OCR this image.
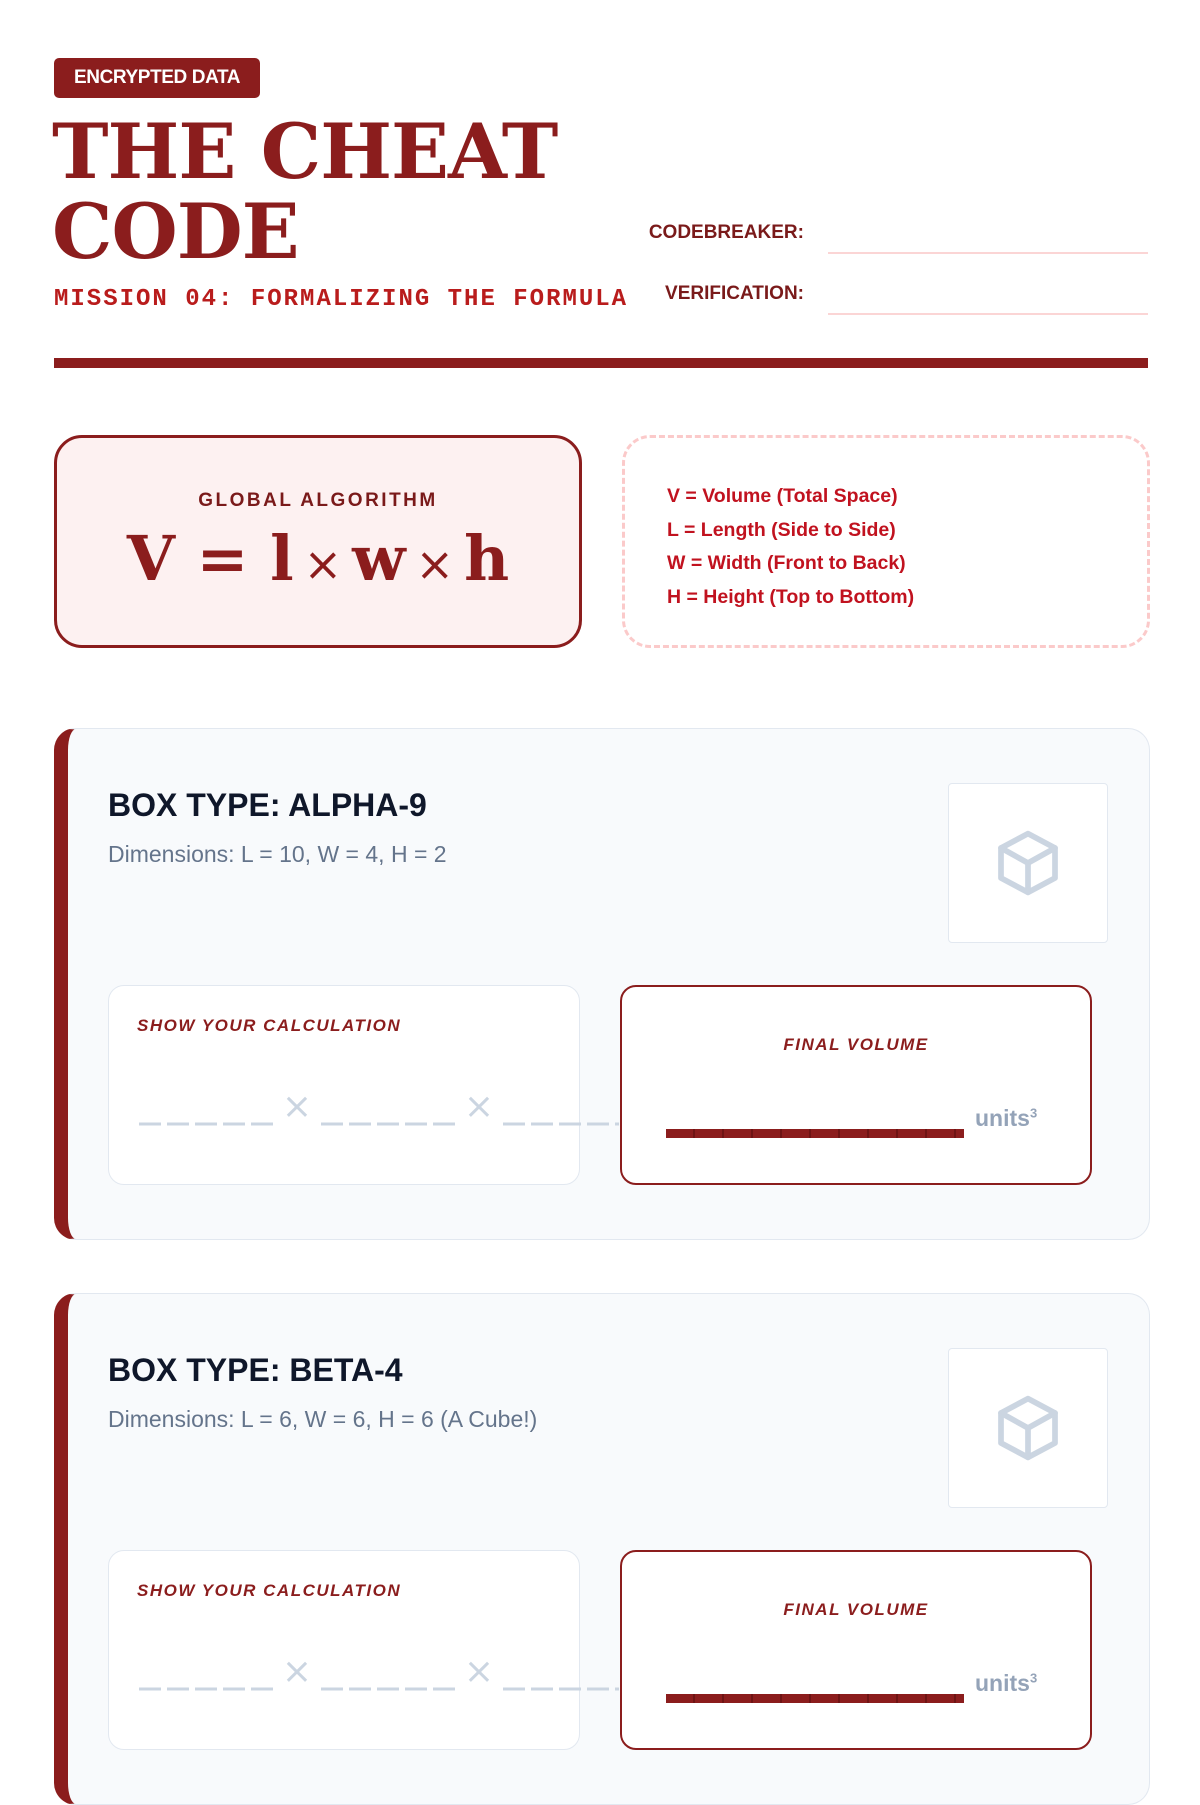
ENCRYPTED DATA
THE CHEAT
CODE
MISSION 04: FORMALIZING THE FORMULA
CODEBREAKER:
VERIFICATION:
GLOBAL ALGORITHM
V = l × w × h
V = Volume (Total Space)
L = Length (Side to Side)
W = Width (Front to Back)
H = Height (Top to Bottom)
BOX TYPE: ALPHA-9
Dimensions: L = 10, W = 4, H = 2
SHOW YOUR CALCULATION
×	×
FINAL VOLUME
units$^3$
BOX TYPE: BETA-4
Dimensions: L = 6, W = 6, H = 6 (A Cube!)
SHOW YOUR CALCULATION
×	×
FINAL VOLUME
units$^3$
